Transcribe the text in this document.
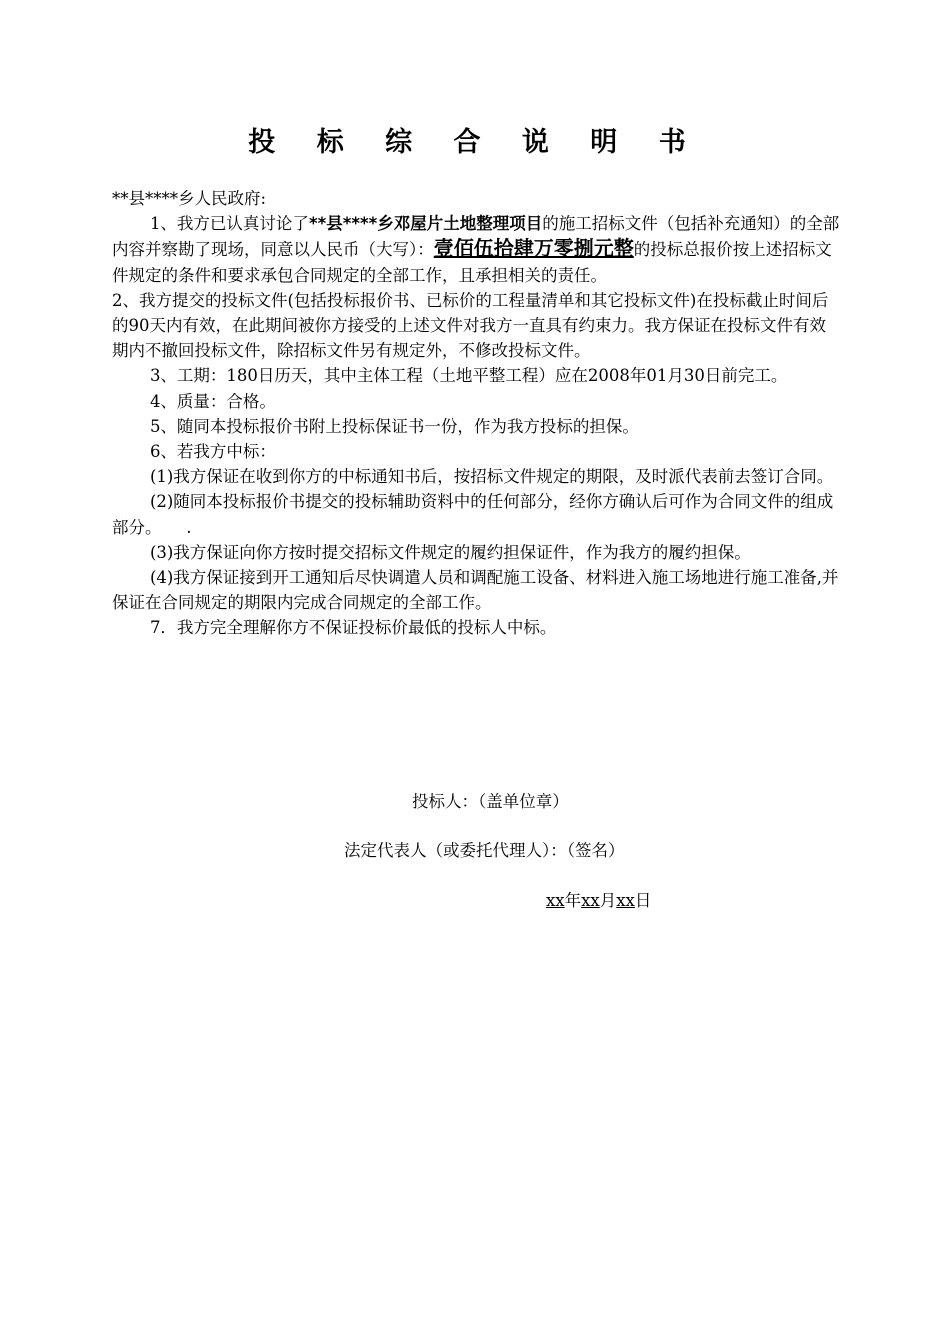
投 标 综 合 说 明 书

**县****乡人民政府:

1、我方已认真讨论了**县****乡邓屋片土地整理项目的施工招标文件（包括补充通知）的全部内容并察勘了现场，同意以人民币（大写）：壹佰伍拾肆万零捌元整的投标总报价按上述招标文件规定的条件和要求承包合同规定的全部工作，且承担相关的责任。

2、我方提交的投标文件(包括投标报价书、已标价的工程量清单和其它投标文件)在投标截止时间后的90天内有效，在此期间被你方接受的上述文件对我方一直具有约束力。我方保证在投标文件有效期内不撤回投标文件，除招标文件另有规定外，不修改投标文件。

3、工期：180日历天，其中主体工程（土地平整工程）应在2008年01月30日前完工。

4、质量：合格。

5、随同本投标报价书附上投标保证书一份，作为我方投标的担保。

6、若我方中标：

(1)我方保证在收到你方的中标通知书后，按招标文件规定的期限，及时派代表前去签订合同。

(2)随同本投标报价书提交的投标辅助资料中的任何部分，经你方确认后可作为合同文件的组成部分。　　.

(3)我方保证向你方按时提交招标文件规定的履约担保证件，作为我方的履约担保。

(4)我方保证接到开工通知后尽快调遣人员和调配施工设备、材料进入施工场地进行施工准备,并保证在合同规定的期限内完成合同规定的全部工作。

7．我方完全理解你方不保证投标价最低的投标人中标。

投标人：（盖单位章）
法定代表人（或委托代理人）：（签名）
xx年xx月xx日
